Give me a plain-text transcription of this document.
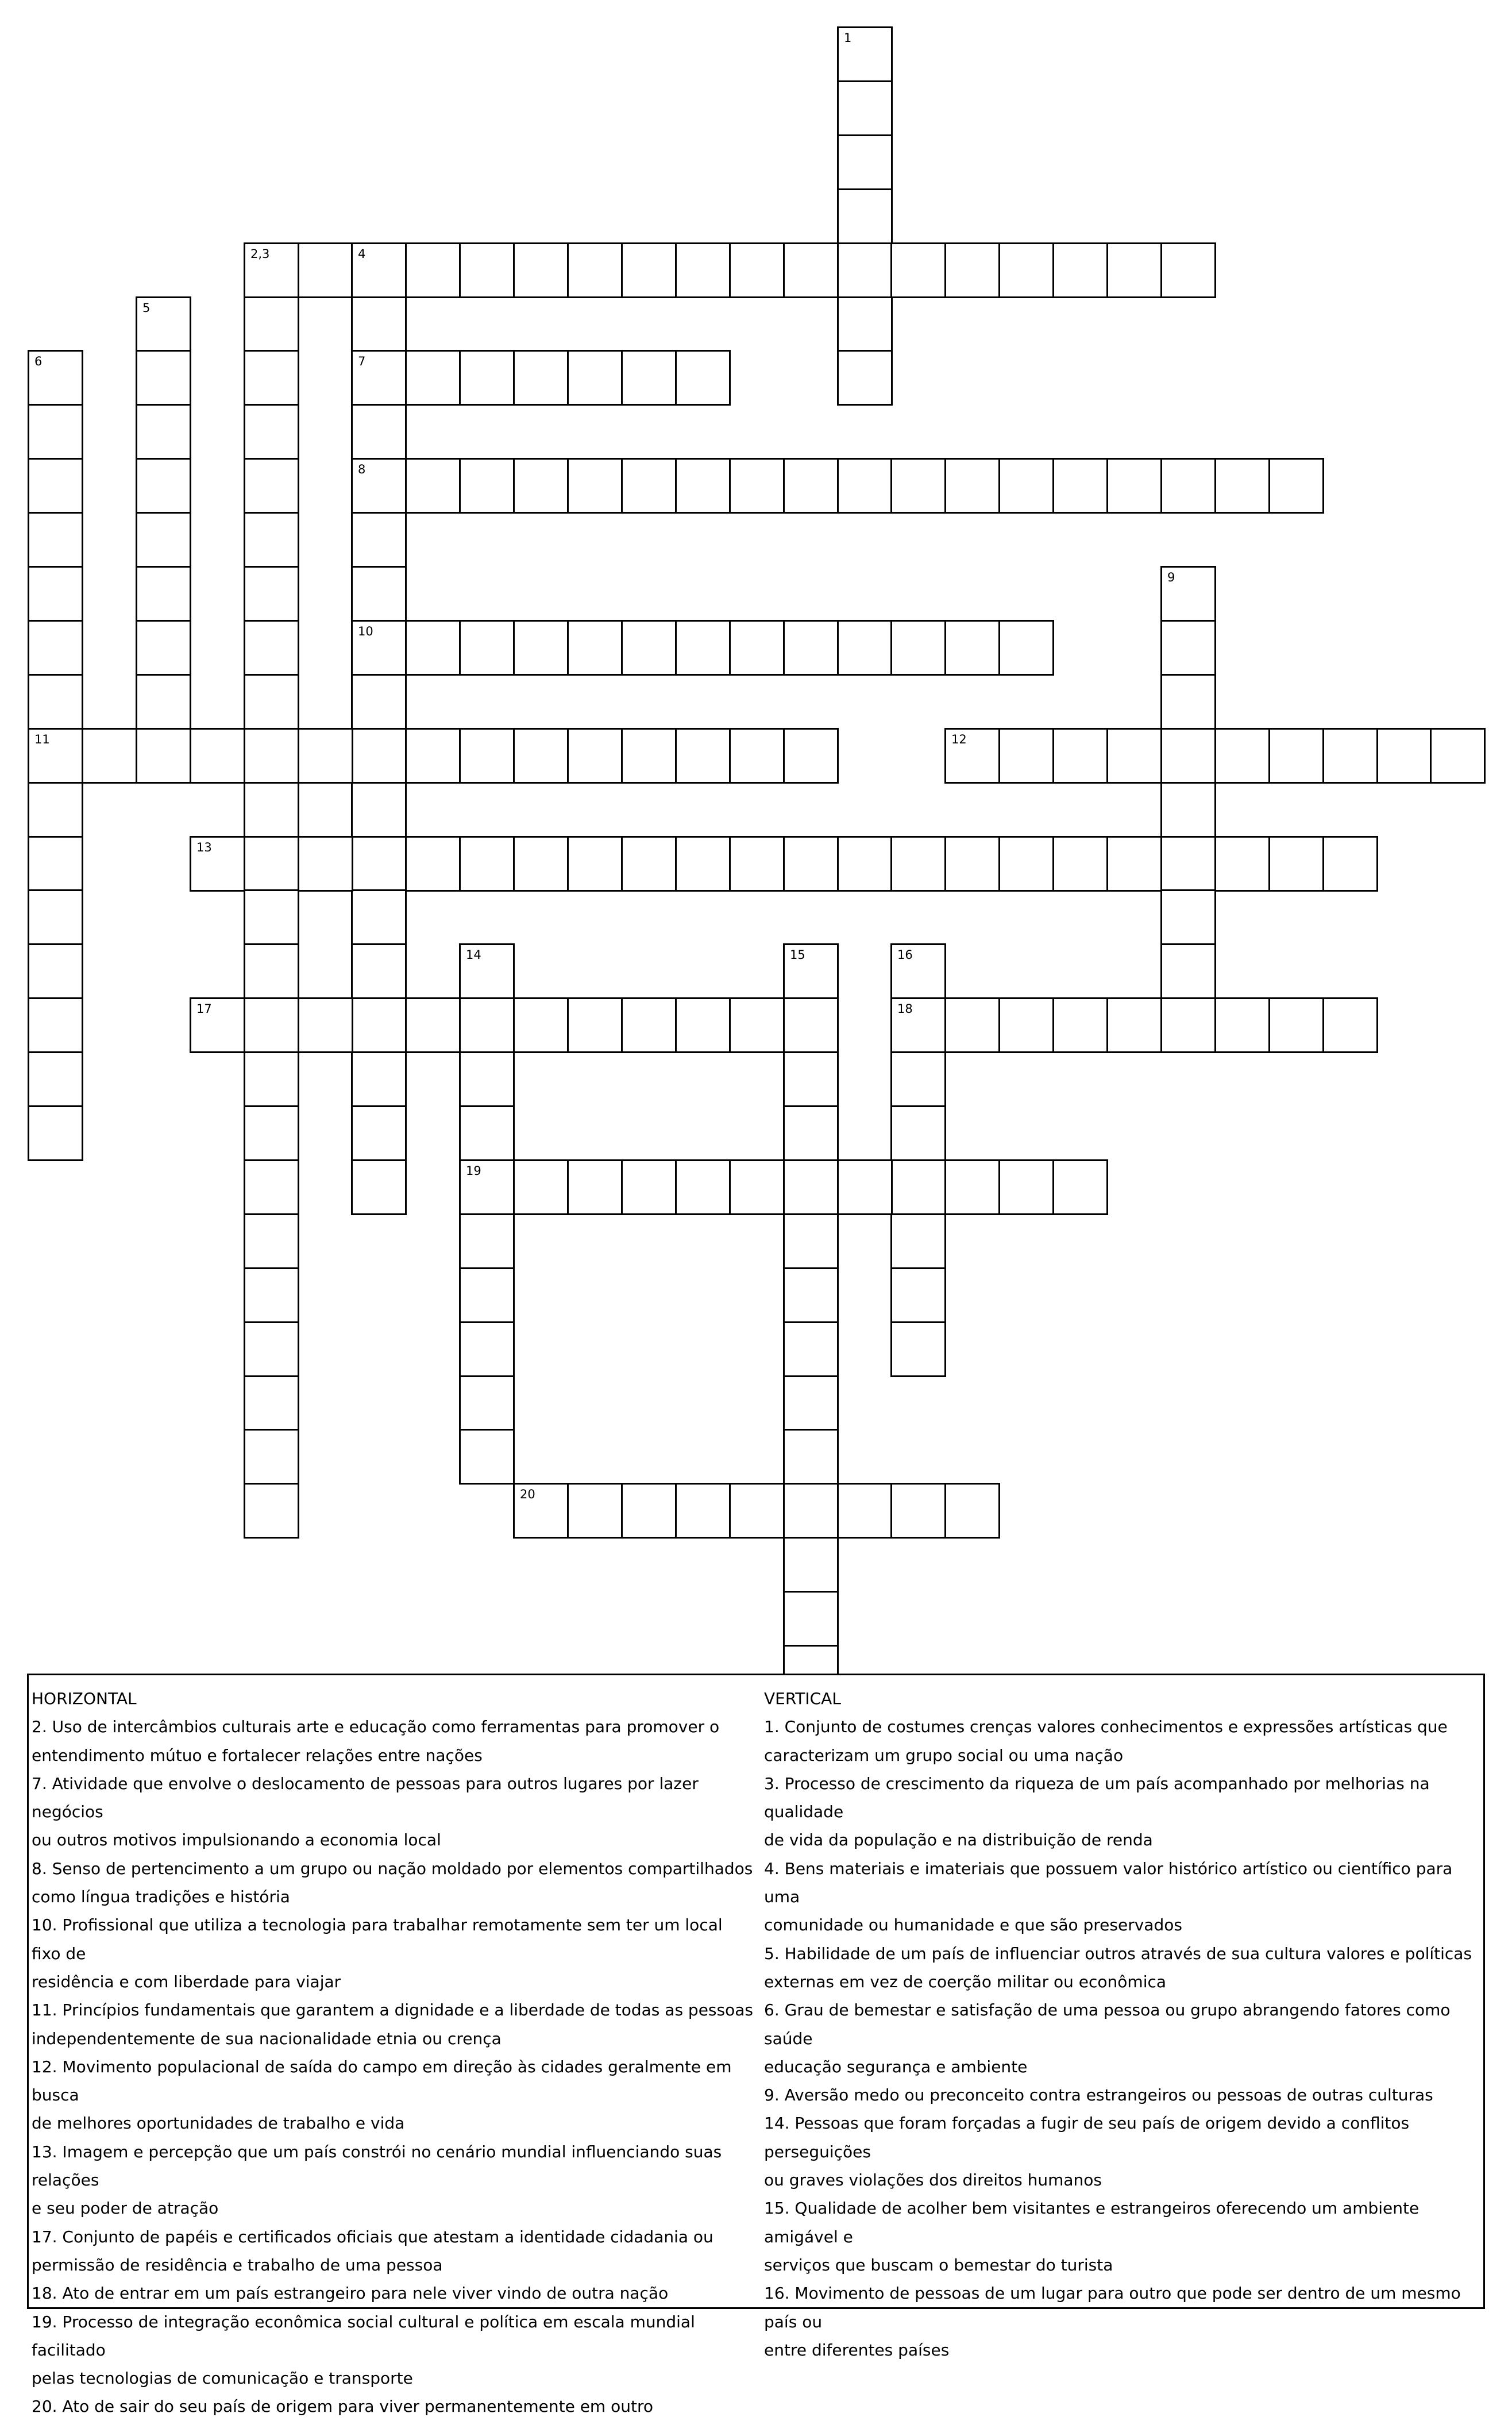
1
2,3	4
7
8
10
5
6
11
9
12
13
14
19
15	16
18
17
20
HORIZONTAL
2. Uso de intercâmbios culturais arte e educação como ferramentas para promover o
entendimento mútuo e fortalecer relações entre nações
7. Atividade que envolve o deslocamento de pessoas para outros lugares por lazer negócios
ou outros motivos impulsionando a economia local
8. Senso de pertencimento a um grupo ou nação moldado por elementos compartilhados
como língua tradições e história
10. Profissional que utiliza a tecnologia para trabalhar remotamente sem ter um local fixo de
residência e com liberdade para viajar
11. Princípios fundamentais que garantem a dignidade e a liberdade de todas as pessoas
independentemente de sua nacionalidade etnia ou crença
12. Movimento populacional de saída do campo em direção às cidades geralmente em busca
de melhores oportunidades de trabalho e vida
13. Imagem e percepção que um país constrói no cenário mundial influenciando suas relações
e seu poder de atração
17. Conjunto de papéis e certificados oficiais que atestam a identidade cidadania ou
permissão de residência e trabalho de uma pessoa
18. Ato de entrar em um país estrangeiro para nele viver vindo de outra nação
19. Processo de integração econômica social cultural e política em escala mundial facilitado
pelas tecnologias de comunicação e transporte
20. Ato de sair do seu país de origem para viver permanentemente em outro
VERTICAL
1. Conjunto de costumes crenças valores conhecimentos e expressões artísticas que
caracterizam um grupo social ou uma nação
3. Processo de crescimento da riqueza de um país acompanhado por melhorias na qualidade
de vida da população e na distribuição de renda
4. Bens materiais e imateriais que possuem valor histórico artístico ou científico para uma
comunidade ou humanidade e que são preservados
5. Habilidade de um país de influenciar outros através de sua cultura valores e políticas
externas em vez de coerção militar ou econômica
6. Grau de bemestar e satisfação de uma pessoa ou grupo abrangendo fatores como saúde
educação segurança e ambiente
9. Aversão medo ou preconceito contra estrangeiros ou pessoas de outras culturas
14. Pessoas que foram forçadas a fugir de seu país de origem devido a conflitos perseguições
ou graves violações dos direitos humanos
15. Qualidade de acolher bem visitantes e estrangeiros oferecendo um ambiente amigável e
serviços que buscam o bemestar do turista
16. Movimento de pessoas de um lugar para outro que pode ser dentro de um mesmo país ou
entre diferentes países
